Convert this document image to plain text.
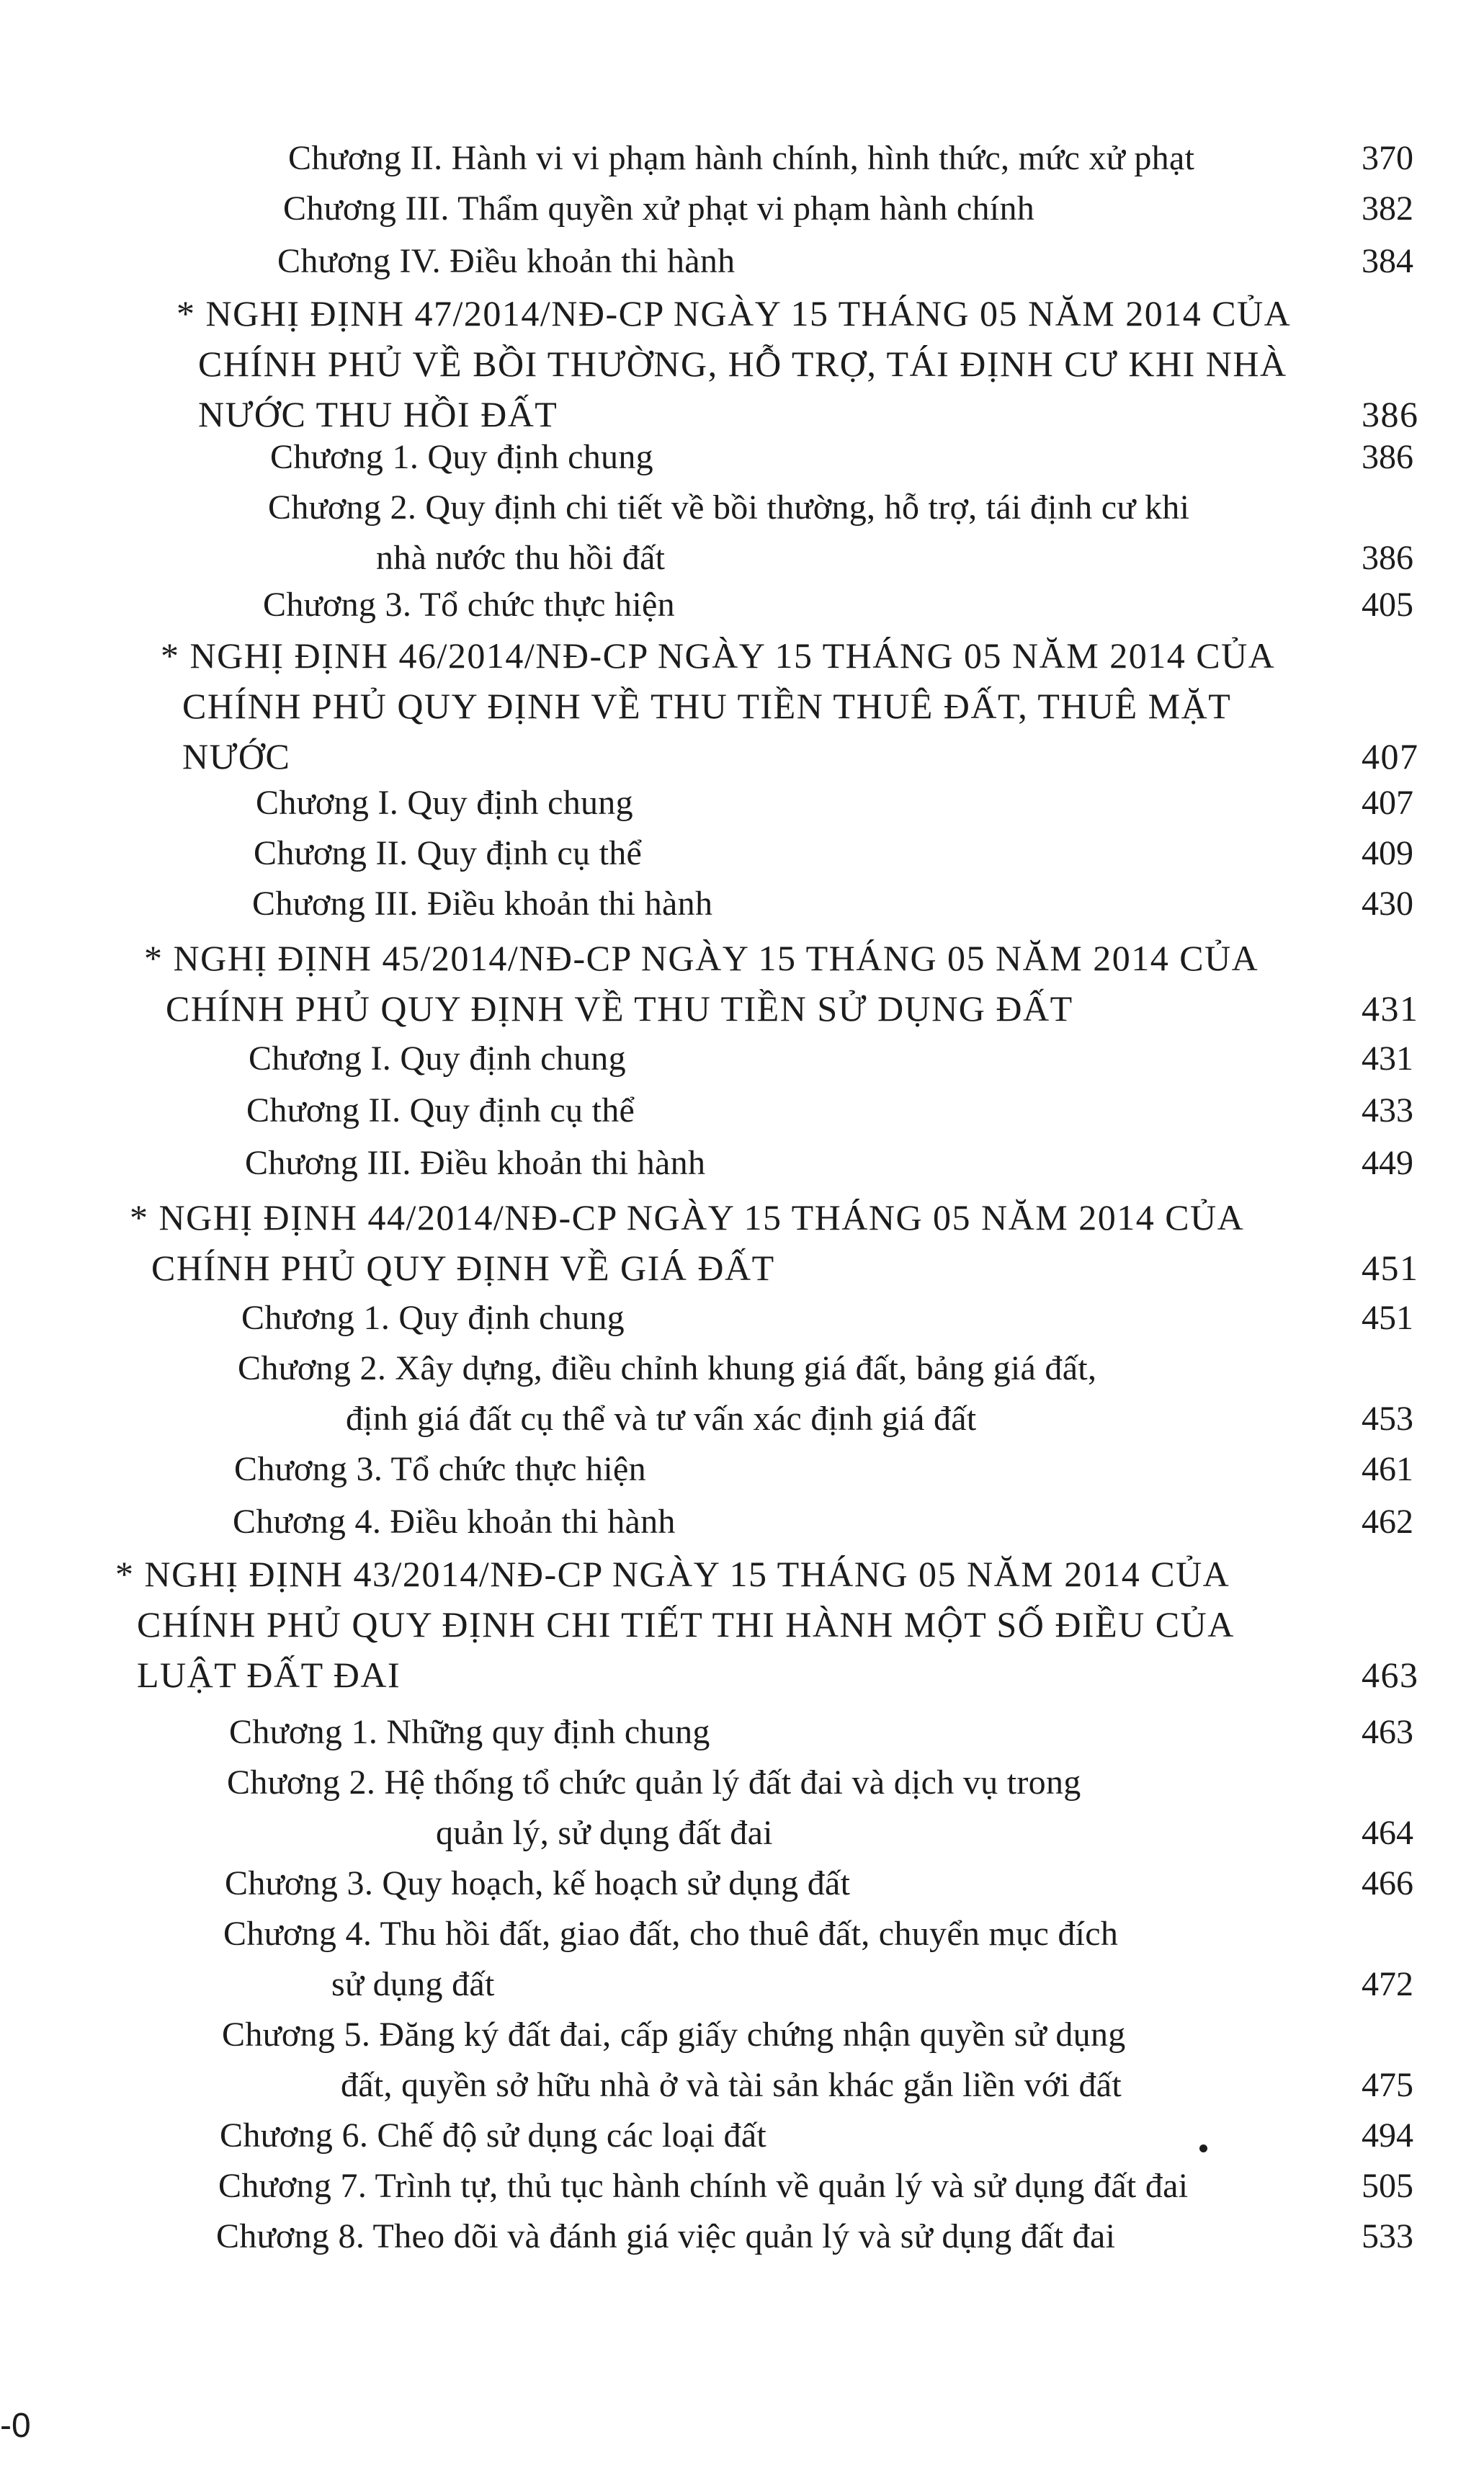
Chương II. Hành vi vi phạm hành chính, hình thức, mức xử phạt	370
Chương III. Thẩm quyền xử phạt vi phạm hành chính	382
Chương IV. Điều khoản thi hành	384
* NGHỊ ĐỊNH 47/2014/NĐ-CP NGÀY 15 THÁNG 05 NĂM 2014 CỦA
CHÍNH PHỦ VỀ BỒI THƯỜNG, HỖ TRỢ, TÁI ĐỊNH CƯ KHI NHÀ
NƯỚC THU HỒI ĐẤT	386
Chương 1. Quy định chung	386
Chương 2. Quy định chi tiết về bồi thường, hỗ trợ, tái định cư khi
nhà nước thu hồi đất	386
Chương 3. Tổ chức thực hiện	405
* NGHỊ ĐỊNH 46/2014/NĐ-CP NGÀY 15 THÁNG 05 NĂM 2014 CỦA
CHÍNH PHỦ QUY ĐỊNH VỀ THU TIỀN THUÊ ĐẤT, THUÊ MẶT
NƯỚC	407
Chương I. Quy định chung	407
Chương II. Quy định cụ thể	409
Chương III. Điều khoản thi hành	430
* NGHỊ ĐỊNH 45/2014/NĐ-CP NGÀY 15 THÁNG 05 NĂM 2014 CỦA
CHÍNH PHỦ QUY ĐỊNH VỀ THU TIỀN SỬ DỤNG ĐẤT	431
Chương I. Quy định chung	431
Chương II. Quy định cụ thể	433
Chương III. Điều khoản thi hành	449
* NGHỊ ĐỊNH 44/2014/NĐ-CP NGÀY 15 THÁNG 05 NĂM 2014 CỦA
CHÍNH PHỦ QUY ĐỊNH VỀ GIÁ ĐẤT	451
Chương 1. Quy định chung	451
Chương 2. Xây dựng, điều chỉnh khung giá đất, bảng giá đất,
định giá đất cụ thể và tư vấn xác định giá đất	453
Chương 3. Tổ chức thực hiện	461
Chương 4. Điều khoản thi hành	462
* NGHỊ ĐỊNH 43/2014/NĐ-CP NGÀY 15 THÁNG 05 NĂM 2014 CỦA
CHÍNH PHỦ QUY ĐỊNH CHI TIẾT THI HÀNH MỘT SỐ ĐIỀU CỦA
LUẬT ĐẤT ĐAI	463
Chương 1. Những quy định chung	463
Chương 2. Hệ thống tổ chức quản lý đất đai và dịch vụ trong
quản lý, sử dụng đất đai	464
Chương 3. Quy hoạch, kế hoạch sử dụng đất	466
Chương 4. Thu hồi đất, giao đất, cho thuê đất, chuyển mục đích
sử dụng đất	472
Chương 5. Đăng ký đất đai, cấp giấy chứng nhận quyền sử dụng
đất, quyền sở hữu nhà ở và tài sản khác gắn liền với đất	475
Chương 6. Chế độ sử dụng các loại đất	494
Chương 7. Trình tự, thủ tục hành chính về quản lý và sử dụng đất đai	505
Chương 8. Theo dõi và đánh giá việc quản lý và sử dụng đất đai	533
-0
